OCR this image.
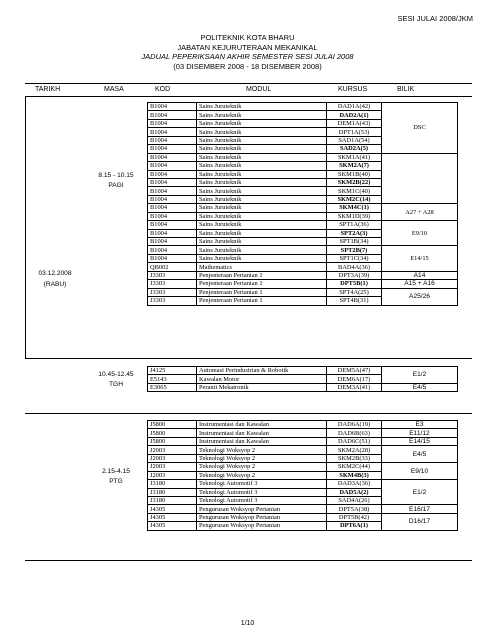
SESI JULAI 2008/JKM
POLITEKNIK KOTA BHARU
JABATAN KEJURUTERAAN MEKANIKAL
JADUAL PEPERIKSAAN AKHIR SEMESTER SESI JULAI 2008
(03 DISEMBER 2008 - 18 DISEMBER 2008)
TARIKH	MASA	KOD	MODUL	KURSUS	BILIK
03.12.2008
(RABU)
8.15 - 10.15
PAGI
B1004	Sains Juruteknik	DAD1A(42)	DSC
B1004	Sains Juruteknik	DAD2A(1)	
B1004	Sains Juruteknik	DEM1A(43)	
B1004	Sains Juruteknik	DPT1A(53)	
B1004	Sains Juruteknik	SAD1A(54)	
B1004	Sains Juruteknik	SAD2A(5)	
B1004	Sains Juruteknik	SKM1A(41)	
B1004	Sains Juruteknik	SKM2A(7)	
B1004	Sains Juruteknik	SKM1B(40)	
B1004	Sains Juruteknik	SKM2B(22)	
B1004	Sains Juruteknik	SKM1C(40)	
B1004	Sains Juruteknik	SKM2C(14)	
B1004	Sains Juruteknik	SKM4C(1)	A27 + A28
B1004	Sains Juruteknik	SKM1D(39)	
B1004	Sains Juruteknik	SPT1A(36)	E9/10
B1004	Sains Juruteknik	SPT2A(3)	
B1004	Sains Juruteknik	SPT1B(34)	
B1004	Sains Juruteknik	SPT2B(7)	E14/15
B1004	Sains Juruteknik	SPT1C(34)	
QB002	Mathematics	BAD4A(36)	
J3303	Penjenteraan Pertanian 1	DPT3A(39)	A14
J3303	Penjenteraan Pertanian 1	DPT5B(1)	A15 + A16
J3303	Penjenteraan Pertanian 1	SPT4A(25)	A25/26
J3303	Penjenteraan Pertanian 1	SPT4B(31)	
10.45-12.45
TGH
J4125	Automasi Perindustrian & Robotik	DEM5A(47)	E1/2
E5143	Kawalan Motor	DEM6A(17)	
E3065	Peranti Mekatronik	DEM3A(41)	E4/5
2.15-4.15
PTG
J5800	Instrumentasi dan Kawalan	DAD6A(19)	E3
J5800	Instrumentasi dan Kawalan	DAD6B(63)	E11/12
J5800	Instrumentasi dan Kawalan	DAD6C(51)	E14/15
J2003	Teknologi Woksyop 2	SKM2A(28)	E4/5
J2003	Teknologi Woksyop 2	SKM2B(33)	
J2003	Teknologi Woksyop 2	SKM2C(44)	E9/10
J2003	Teknologi Woksyop 2	SKM4B(3)	
J3180	Teknologi Automotif 3	DAD3A(36)	E1/2
J3180	Teknologi Automotif 3	DAD5A(2)	
J3180	Teknologi Automotif 3	SAD4A(26)	
J4305	Pengurusan Woksyop Pertanian	DPT5A(38)	E16/17
J4305	Pengurusan Woksyop Pertanian	DPT5B(42)	D16/17
J4305	Pengurusan Woksyop Pertanian	DPT6A(1)	
1/10
